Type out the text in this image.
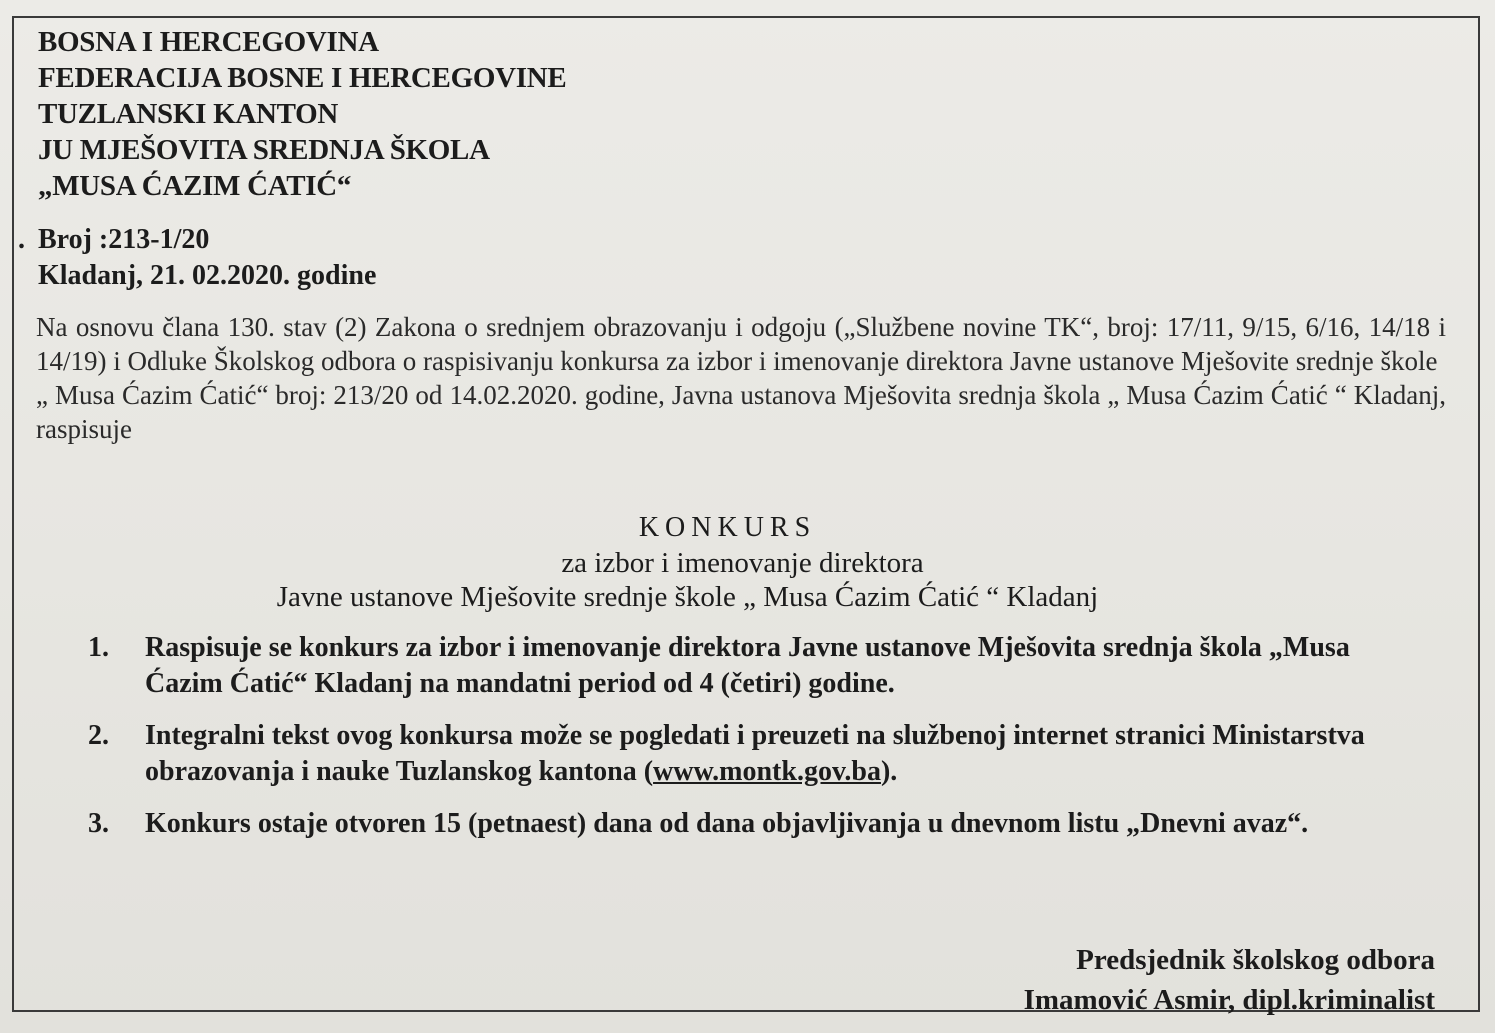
BOSNA I HERCEGOVINA
FEDERACIJA BOSNE I HERCEGOVINE
TUZLANSKI KANTON
JU MJEŠOVITA SREDNJA ŠKOLA
„MUSA ĆAZIM ĆATIĆ“
. Broj :213-1/20
Kladanj, 21. 02.2020. godine

Na osnovu člana 130. stav (2) Zakona o srednjem obrazovanju i odgoju („Službene novine TK“, broj: 17/11, 9/15, 6/16, 14/18 i 14/19) i Odluke Školskog odbora o raspisivanju konkursa za izbor i imenovanje direktora Javne ustanove Mješovite srednje škole

„ Musa Ćazim Ćatić“ broj: 213/20 od 14.02.2020. godine, Javna ustanova Mješovita srednja škola „ Musa Ćazim Ćatić “ Kladanj, raspisuje

KONKURS
za izbor i imenovanje direktora
Javne ustanove Mješovite srednje škole „ Musa Ćazim Ćatić “ Kladanj
1. Raspisuje se konkurs za izbor i imenovanje direktora Javne ustanove Mješovita srednja škola „Musa Ćazim Ćatić“ Kladanj na mandatni period od 4 (četiri) godine.
2. Integralni tekst ovog konkursa može se pogledati i preuzeti na službenoj internet stranici Ministarstva obrazovanja i nauke Tuzlanskog kantona (www.montk.gov.ba).
3. Konkurs ostaje otvoren 15 (petnaest) dana od dana objavljivanja u dnevnom listu „Dnevni avaz“.
Predsjednik školskog odbora
Imamović Asmir, dipl.kriminalist
